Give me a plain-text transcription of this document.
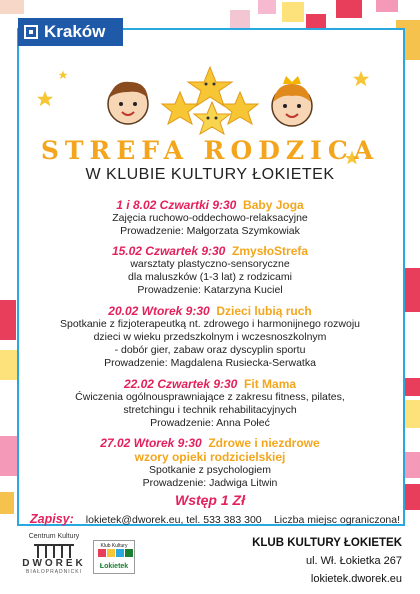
Kraków
STREFA RODZICA
W KLUBIE KULTURY ŁOKIETEK
1 i 8.02 Czwartki 9:30 Baby Joga
Zajęcia ruchowo-oddechowo-relaksacyjne
Prowadzenie: Małgorzata Szymkowiak
15.02 Czwartek 9:30 ZmysłoStrefa
warsztaty plastyczno-sensoryczne
dla maluszków (1-3 lat) z rodzicami
Prowadzenie: Katarzyna Kuciel
20.02 Wtorek 9:30 Dzieci lubią ruch
Spotkanie z fizjoterapeutką nt. zdrowego i harmonijnego rozwoju
dzieci w wieku przedszkolnym i wczesnoszkolnym
- dobór gier, zabaw oraz dyscyplin sportu
Prowadzenie: Magdalena Rusiecka-Serwatka
22.02 Czwartek 9:30 Fit Mama
Ćwiczenia ogólnousprawniające z zakresu fitness, pilates,
stretchingu i technik rehabilitacyjnych
Prowadzenie: Anna Połeć
27.02 Wtorek 9:30 Zdrowe i niezdrowe
wzory opieki rodzicielskiej
Spotkanie z psychologiem
Prowadzenie: Jadwiga Litwin
Wstęp 1 Zł
Zapisy: lokietek@dworek.eu, tel. 533 383 300 Liczba miejsc ograniczona!
Centrum Kultury
DWOREK
BIAŁOPRĄDNICKI
Klub Kultury
Łokietek
KLUB KULTURY ŁOKIETEK
ul. Wł. Łokietka 267
lokietek.dworek.eu
